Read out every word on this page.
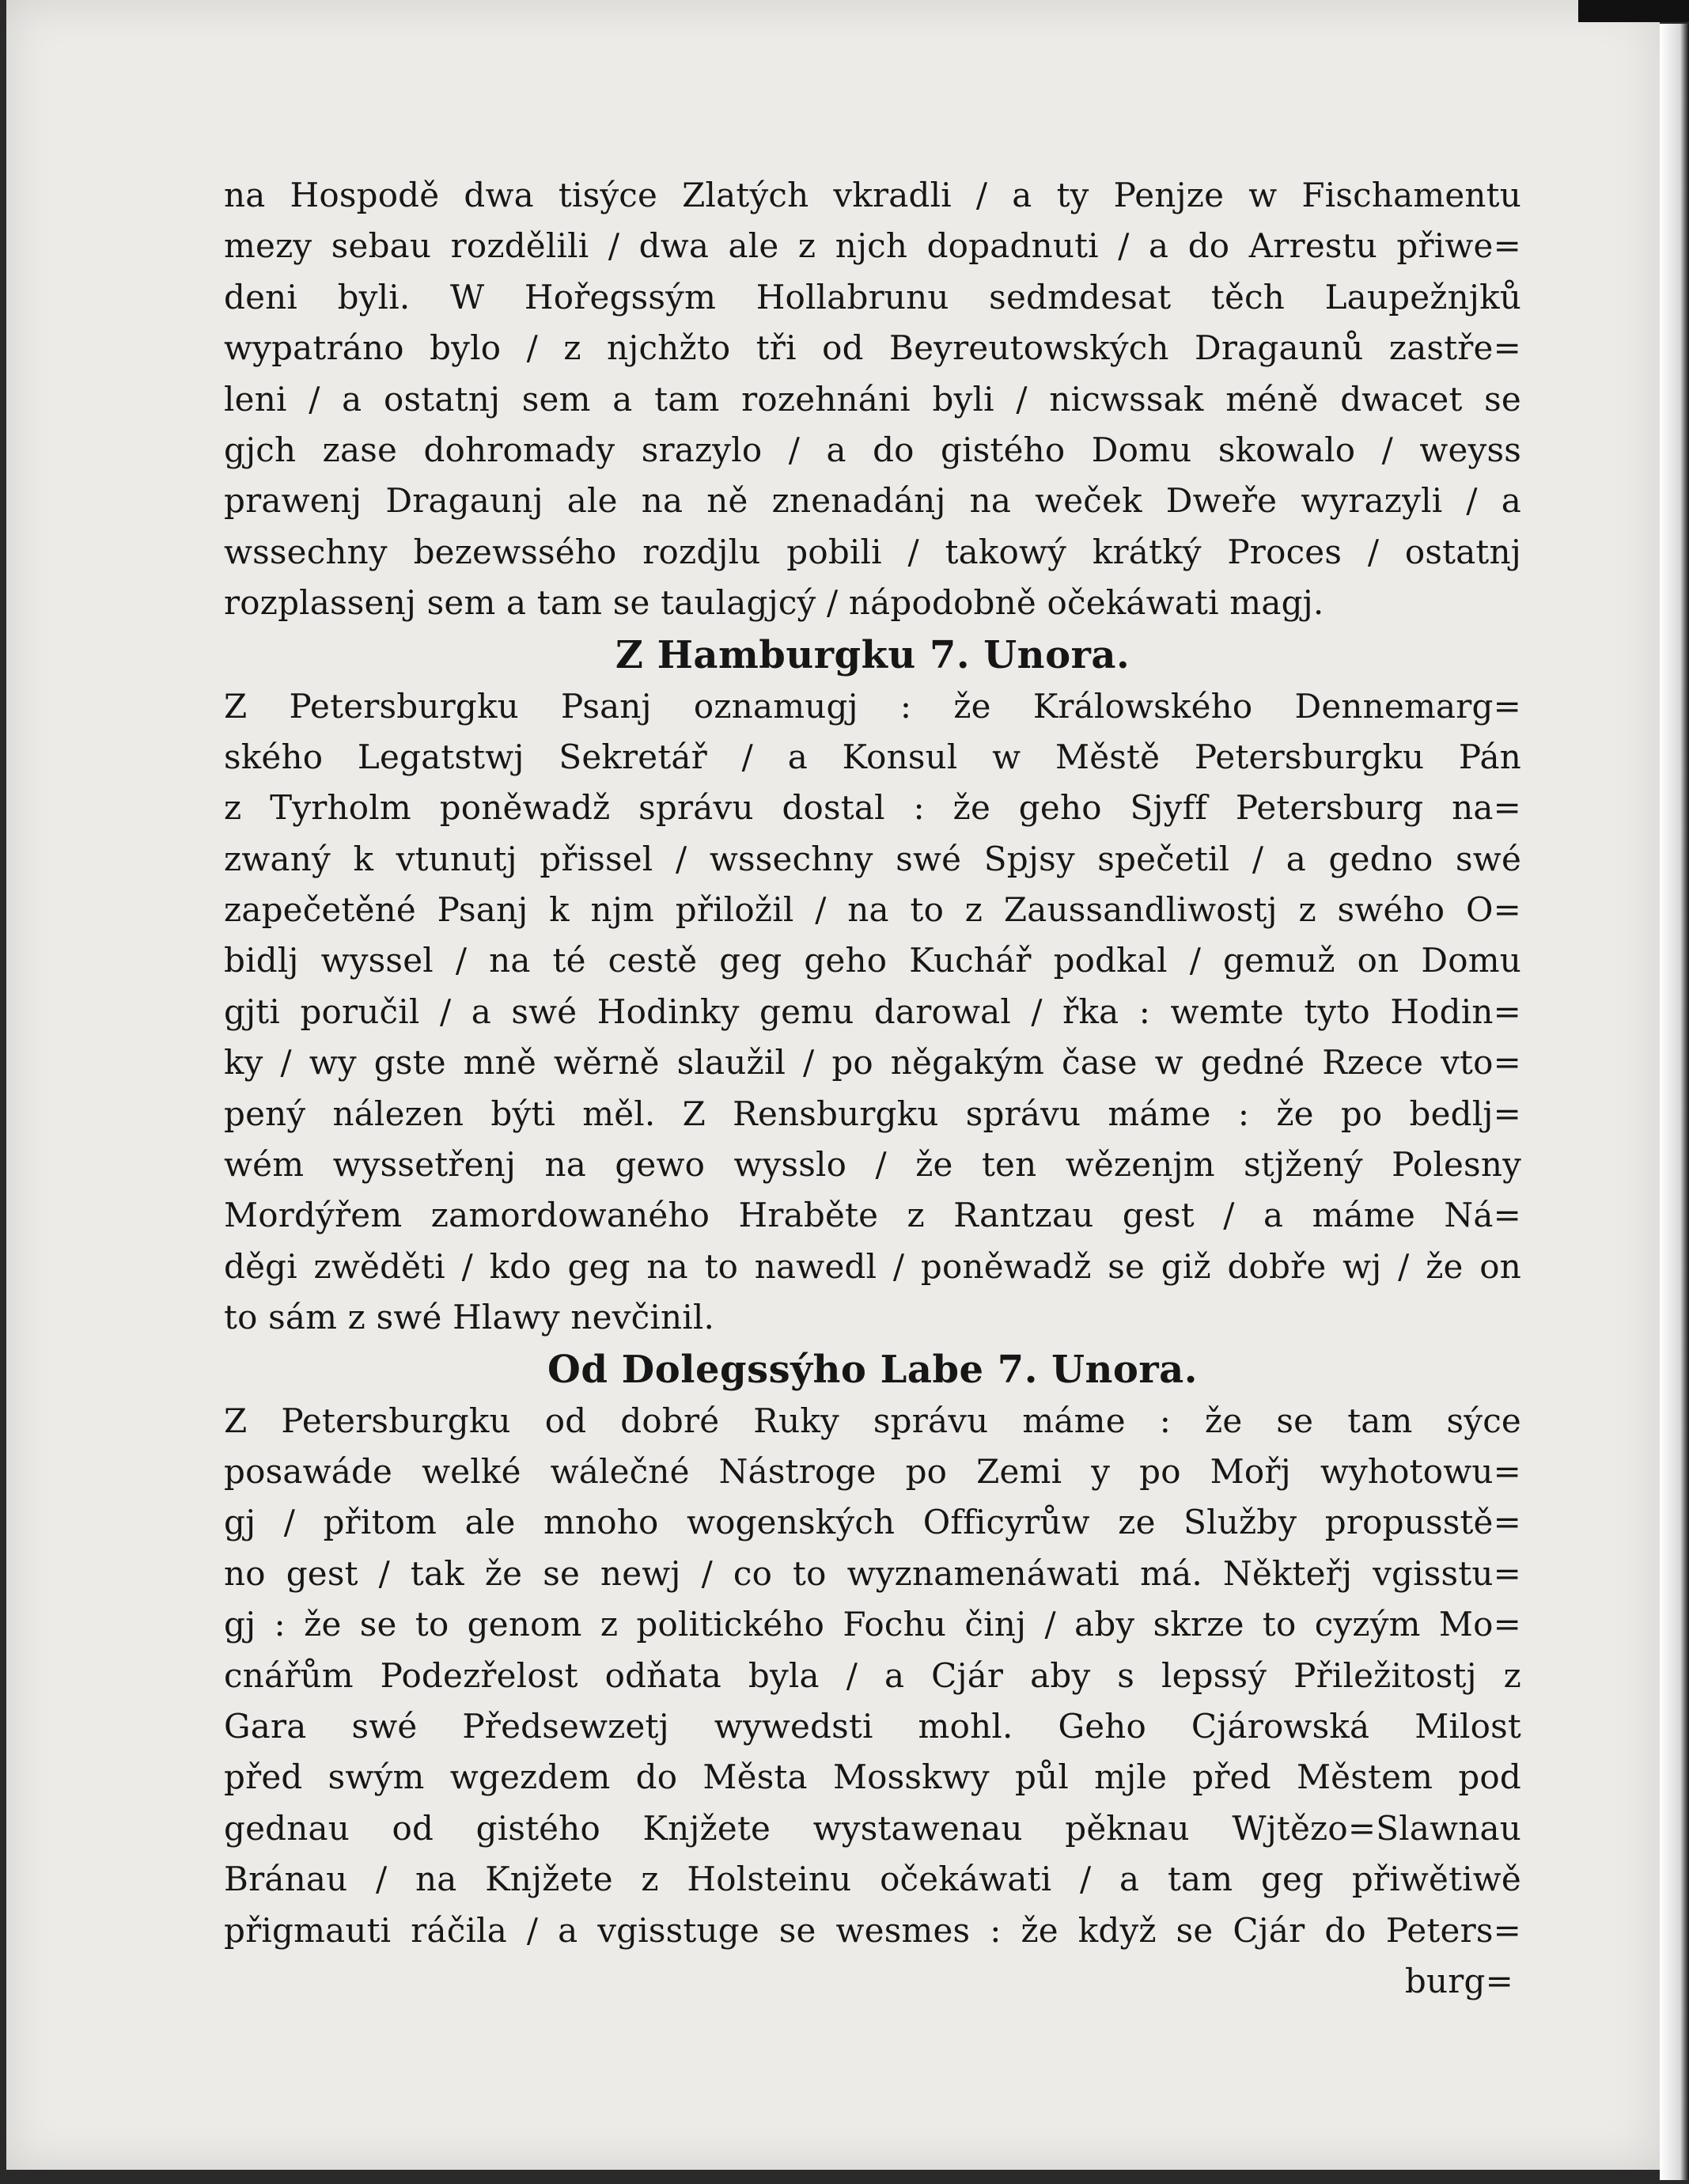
na Hospodě dwa tisýce Zlatých vkradli / a ty Penjze w Fischamentu
mezy sebau rozdělili / dwa ale z njch dopadnuti / a do Arrestu přiwe=
deni byli. W Hořegssým Hollabrunu sedmdesat těch Laupežnjků
wypatráno bylo / z njchžto tři od Beyreutowských Dragaunů zastře=
leni / a ostatnj sem a tam rozehnáni byli / nicwssak méně dwacet se
gjch zase dohromady srazylo / a do gistého Domu skowalo / weyss
prawenj Dragaunj ale na ně znenadánj na weček Dweře wyrazyli / a
wssechny bezewssého rozdjlu pobili / takowý krátký Proces / ostatnj
rozplassenj sem a tam se taulagjcý / nápodobně očekáwati magj.
Z Hamburgku 7. Unora.
Z Petersburgku Psanj oznamugj : že Králowského Dennemarg=
ského Legatstwj Sekretář / a Konsul w Městě Petersburgku Pán
z Tyrholm poněwadž správu dostal : že geho Sjyff Petersburg na=
zwaný k vtunutj přissel / wssechny swé Spjsy spečetil / a gedno swé
zapečetěné Psanj k njm přiložil / na to z Zaussandliwostj z swého O=
bidlj wyssel / na té cestě geg geho Kuchář podkal / gemuž on Domu
gjti poručil / a swé Hodinky gemu darowal / řka : wemte tyto Hodin=
ky / wy gste mně wěrně slaužil / po něgakým čase w gedné Rzece vto=
pený nálezen býti měl. Z Rensburgku správu máme : že po bedlj=
wém wyssetřenj na gewo wysslo / že ten wězenjm stjžený Polesny
Mordýřem zamordowaného Hraběte z Rantzau gest / a máme Ná=
děgi zwěděti / kdo geg na to nawedl / poněwadž se giž dobře wj / že on
to sám z swé Hlawy nevčinil.
Od Dolegssýho Labe 7. Unora.
Z Petersburgku od dobré Ruky správu máme : že se tam sýce
posawáde welké wálečné Nástroge po Zemi y po Mořj wyhotowu=
gj / přitom ale mnoho wogenských Officyrůw ze Služby propusstě=
no gest / tak že se newj / co to wyznamenáwati má. Někteřj vgisstu=
gj : že se to genom z politického Fochu činj / aby skrze to cyzým Mo=
cnářům Podezřelost odňata byla / a Cjár aby s lepssý Přiležitostj z
Gara swé Předsewzetj wywedsti mohl. Geho Cjárowská Milost
před swým wgezdem do Města Mosskwy půl mjle před Městem pod
gednau od gistého Knjžete wystawenau pěknau Wjtězo=Slawnau
Bránau / na Knjžete z Holsteinu očekáwati / a tam geg přiwětiwě
přigmauti ráčila / a vgisstuge se wesmes : že když se Cjár do Peters=
burg=
